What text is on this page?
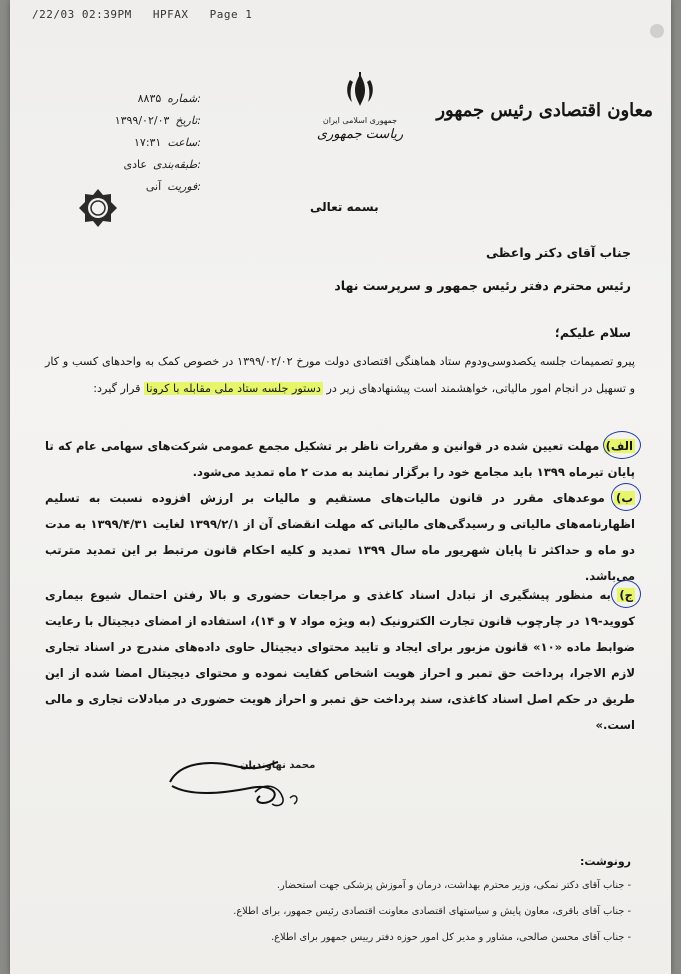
/22/03 02:39PM HPFAX Page 1
معاون اقتصادی رئیس جمهور
جمهوری اسلامی ایران
ریاست جمهوری
شماره:
۸۸۳۵
تاریخ:
۱۳۹۹/۰۲/۰۳
ساعت:
۱۷:۳۱
طبقه‌بندی:
عادی
فوریت:
آنی
بسمه تعالی
جناب آقای دکتر واعظی
رئیس محترم دفتر رئیس جمهور و سرپرست نهاد
سلام علیکم؛
پیرو تصمیمات جلسه یکصدوسی‌ودوم ستاد هماهنگی اقتصادی دولت مورخ ۱۳۹۹/۰۲/۰۲ در خصوص کمک به واحدهای کسب و کار و تسهیل در انجام امور مالیاتی، خواهشمند است پیشنهادهای زیر در دستور جلسه ستاد ملی مقابله با کرونا قرار گیرد:
الف) مهلت تعیین شده در قوانین و مقررات ناظر بر تشکیل مجمع عمومی شرکت‌های سهامی عام که تا پایان تیرماه ۱۳۹۹ باید مجامع خود را برگزار نمایند به مدت ۲ ماه تمدید می‌شود.
ب) موعدهای مقرر در قانون مالیات‌های مستقیم و مالیات بر ارزش افزوده نسبت به تسلیم اظهارنامه‌های مالیاتی و رسیدگی‌های مالیاتی که مهلت انقضای آن از ۱۳۹۹/۲/۱ لغایت ۱۳۹۹/۴/۳۱ به مدت دو ماه و حداکثر تا پایان شهریور ماه سال ۱۳۹۹ تمدید و کلیه احکام قانون مرتبط بر این تمدید مترتب می‌باشد.
ج) به منظور پیشگیری از تبادل اسناد کاغذی و مراجعات حضوری و بالا رفتن احتمال شیوع بیماری کووید-۱۹ در چارچوب قانون تجارت الکترونیک (به ویژه مواد ۷ و ۱۴)، استفاده از امضای دیجیتال با رعایت ضوابط ماده «۱۰» قانون مزبور برای ایجاد و تایید محتوای دیجیتال حاوی داده‌های مندرج در اسناد تجاری لازم الاجرا، پرداخت حق تمبر و احراز هویت اشخاص کفایت نموده و محتوای دیجیتال امضا شده از این طریق در حکم اصل اسناد کاغذی، سند پرداخت حق تمبر و احراز هویت حضوری در مبادلات تجاری و مالی است.»
محمد نهاوندیان
رونوشت:
- جناب آقای دکتر نمکی، وزیر محترم بهداشت، درمان و آموزش پزشکی جهت استحضار.
- جناب آقای باقری، معاون پایش و سیاستهای اقتصادی معاونت اقتصادی رئیس جمهور، برای اطلاع.
- جناب آقای محسن صالحی، مشاور و مدیر کل امور حوزه دفتر رییس جمهور برای اطلاع.
